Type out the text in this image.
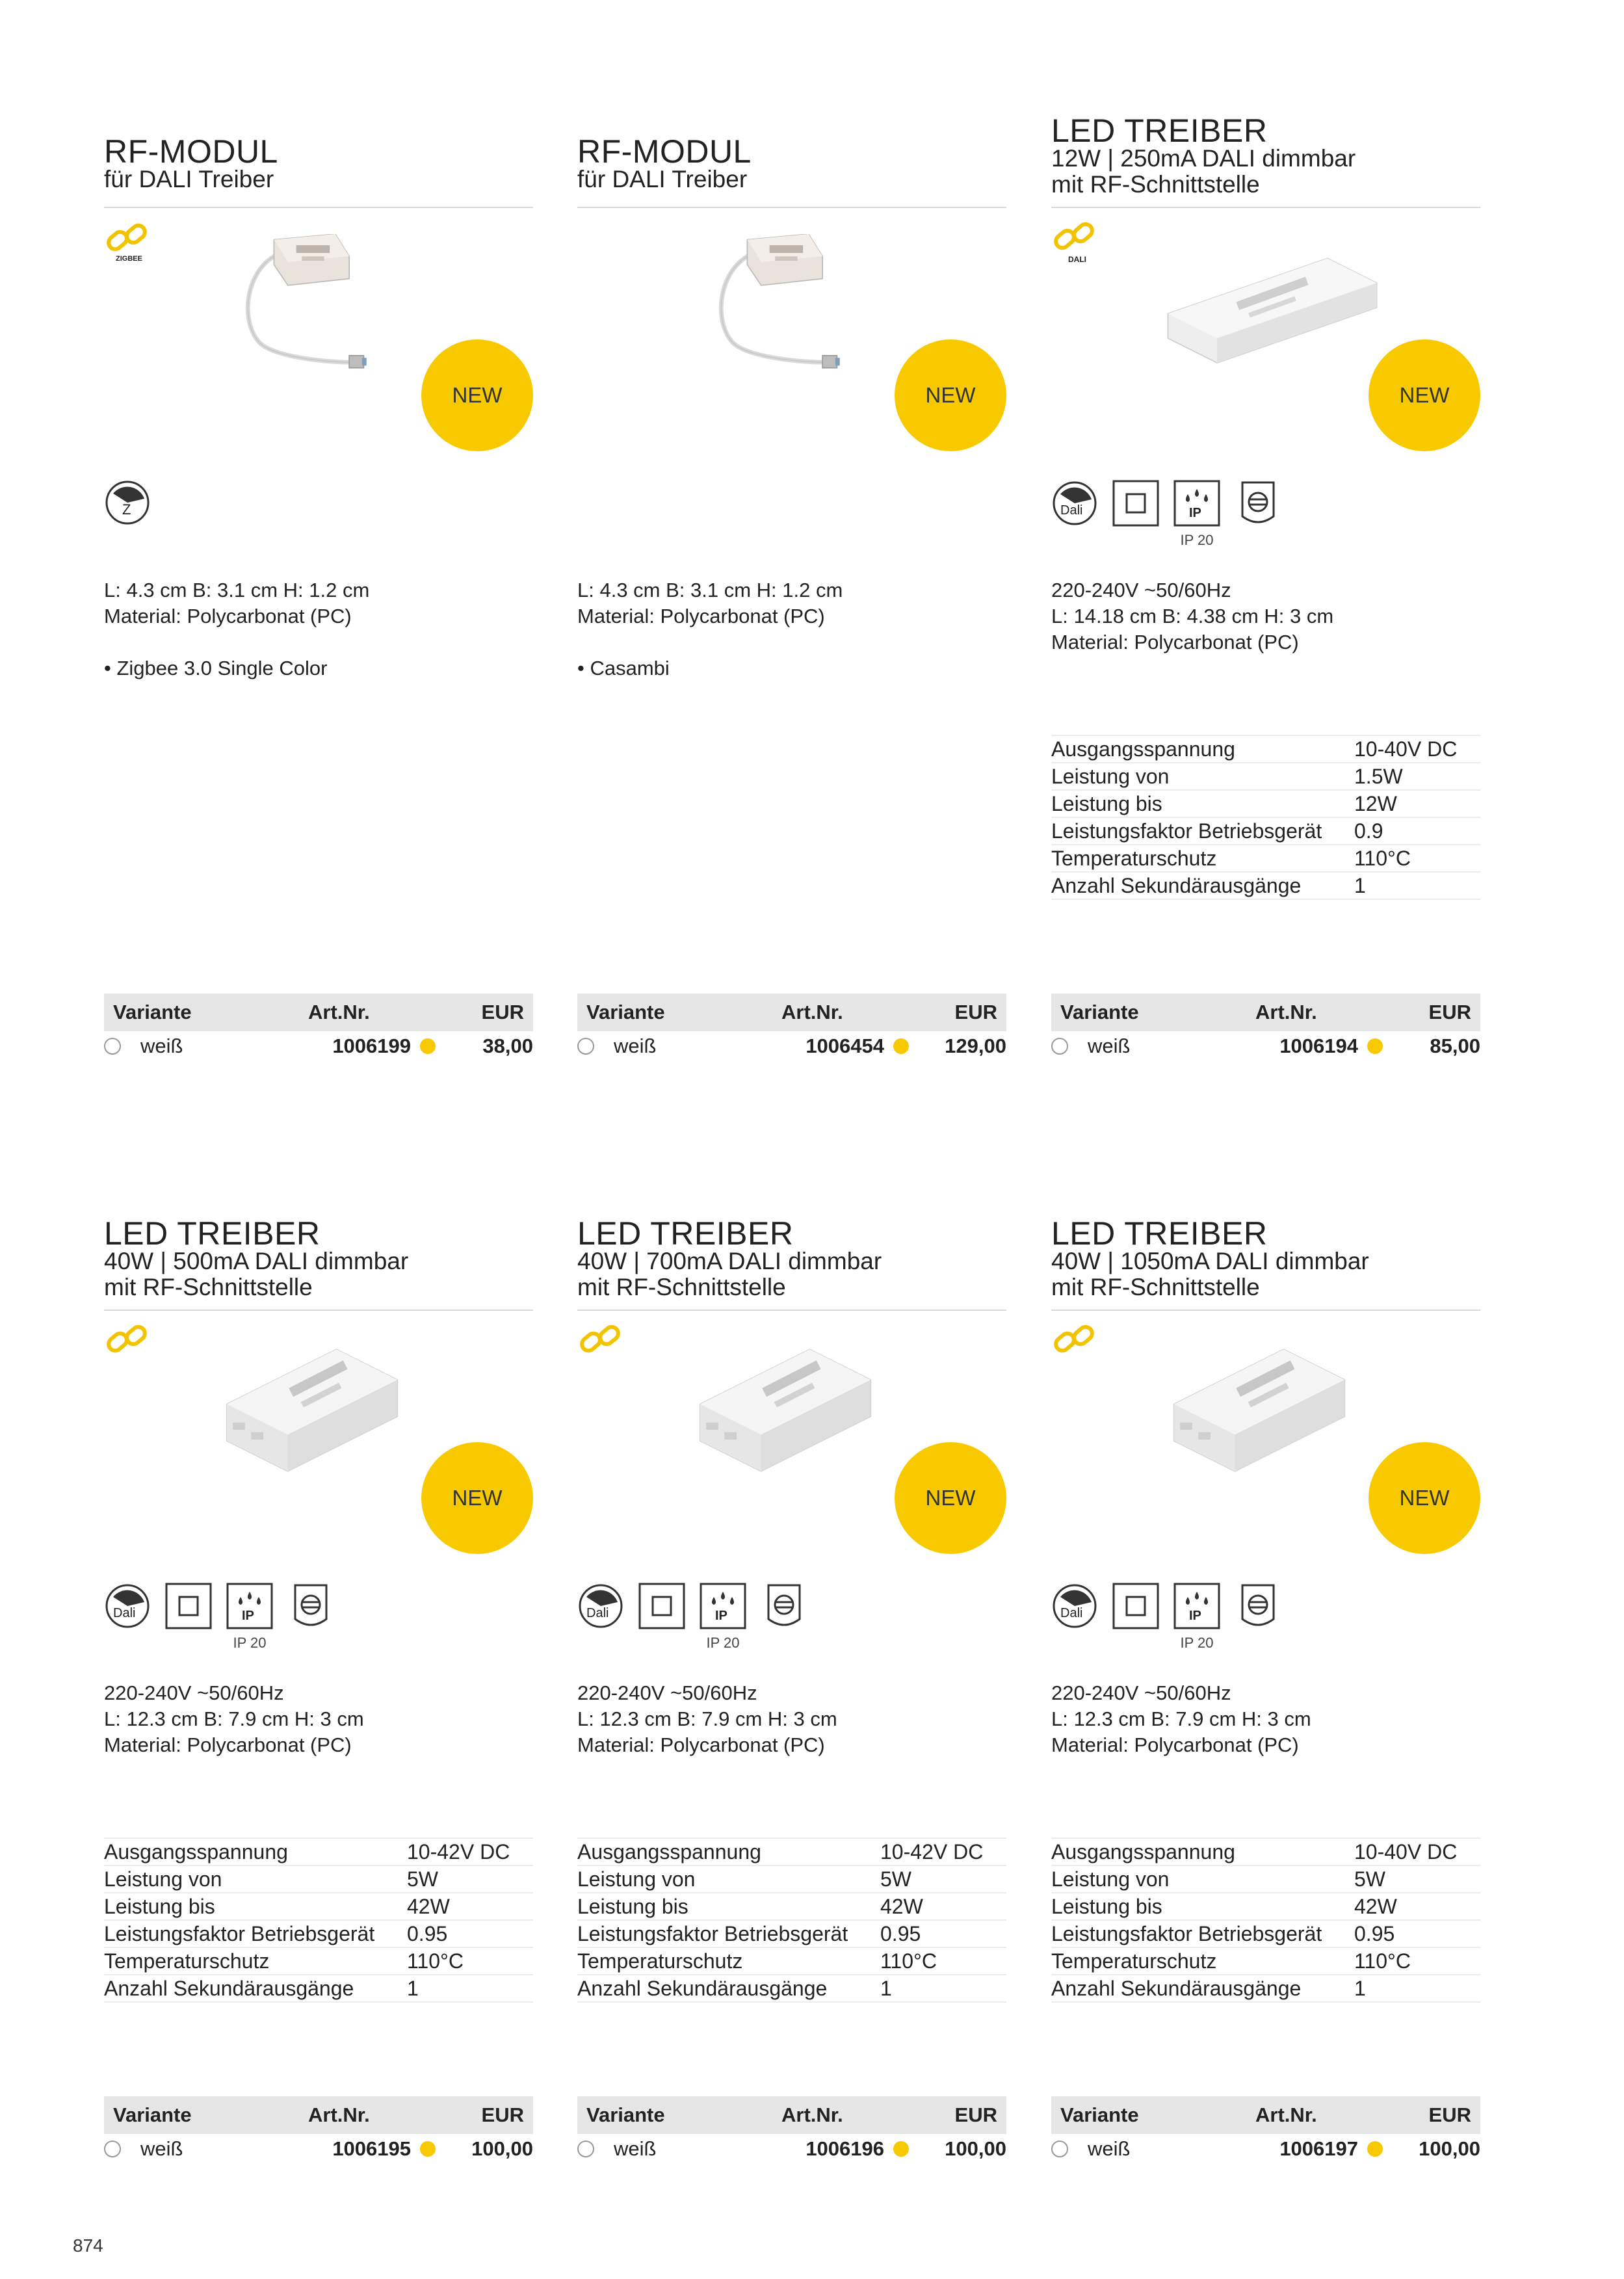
RF-MODUL
für DALI Treiber
ZIGBEE
NEW
Z

L: 4.3 cm B: 3.1 cm H: 1.2 cm

Material: Polycarbonat (PC)

• Zigbee 3.0 Single Color

Variante	Art.Nr.	EUR
weiß	1006199	38,00
RF-MODUL
für DALI Treiber
NEW

L: 4.3 cm B: 3.1 cm H: 1.2 cm

Material: Polycarbonat (PC)

• Casambi

Variante	Art.Nr.	EUR
weiß	1006454	129,00
LED TREIBER
12W | 250mA DALI dimmbar
mit RF-Schnittstelle
DALI
NEW
Dali	IP
IP 20

220-240V ~50/60Hz

L: 14.18 cm B: 4.38 cm H: 3 cm

Material: Polycarbonat (PC)

Ausgangsspannung	10-40V DC
Leistung von	1.5W
Leistung bis	12W
Leistungsfaktor Betriebsgerät	0.9
Temperaturschutz	110°C
Anzahl Sekundärausgänge	1
Variante	Art.Nr.	EUR
weiß	1006194	85,00
LED TREIBER
40W | 500mA DALI dimmbar
mit RF-Schnittstelle
NEW
Dali	IP
IP 20

220-240V ~50/60Hz

L: 12.3 cm B: 7.9 cm H: 3 cm

Material: Polycarbonat (PC)

Ausgangsspannung	10-42V DC
Leistung von	5W
Leistung bis	42W
Leistungsfaktor Betriebsgerät	0.95
Temperaturschutz	110°C
Anzahl Sekundärausgänge	1
Variante	Art.Nr.	EUR
weiß	1006195	100,00
LED TREIBER
40W | 700mA DALI dimmbar
mit RF-Schnittstelle
NEW
Dali	IP
IP 20

220-240V ~50/60Hz

L: 12.3 cm B: 7.9 cm H: 3 cm

Material: Polycarbonat (PC)

Ausgangsspannung	10-42V DC
Leistung von	5W
Leistung bis	42W
Leistungsfaktor Betriebsgerät	0.95
Temperaturschutz	110°C
Anzahl Sekundärausgänge	1
Variante	Art.Nr.	EUR
weiß	1006196	100,00
LED TREIBER
40W | 1050mA DALI dimmbar
mit RF-Schnittstelle
NEW
Dali	IP
IP 20

220-240V ~50/60Hz

L: 12.3 cm B: 7.9 cm H: 3 cm

Material: Polycarbonat (PC)

Ausgangsspannung	10-40V DC
Leistung von	5W
Leistung bis	42W
Leistungsfaktor Betriebsgerät	0.95
Temperaturschutz	110°C
Anzahl Sekundärausgänge	1
Variante	Art.Nr.	EUR
weiß	1006197	100,00
874
